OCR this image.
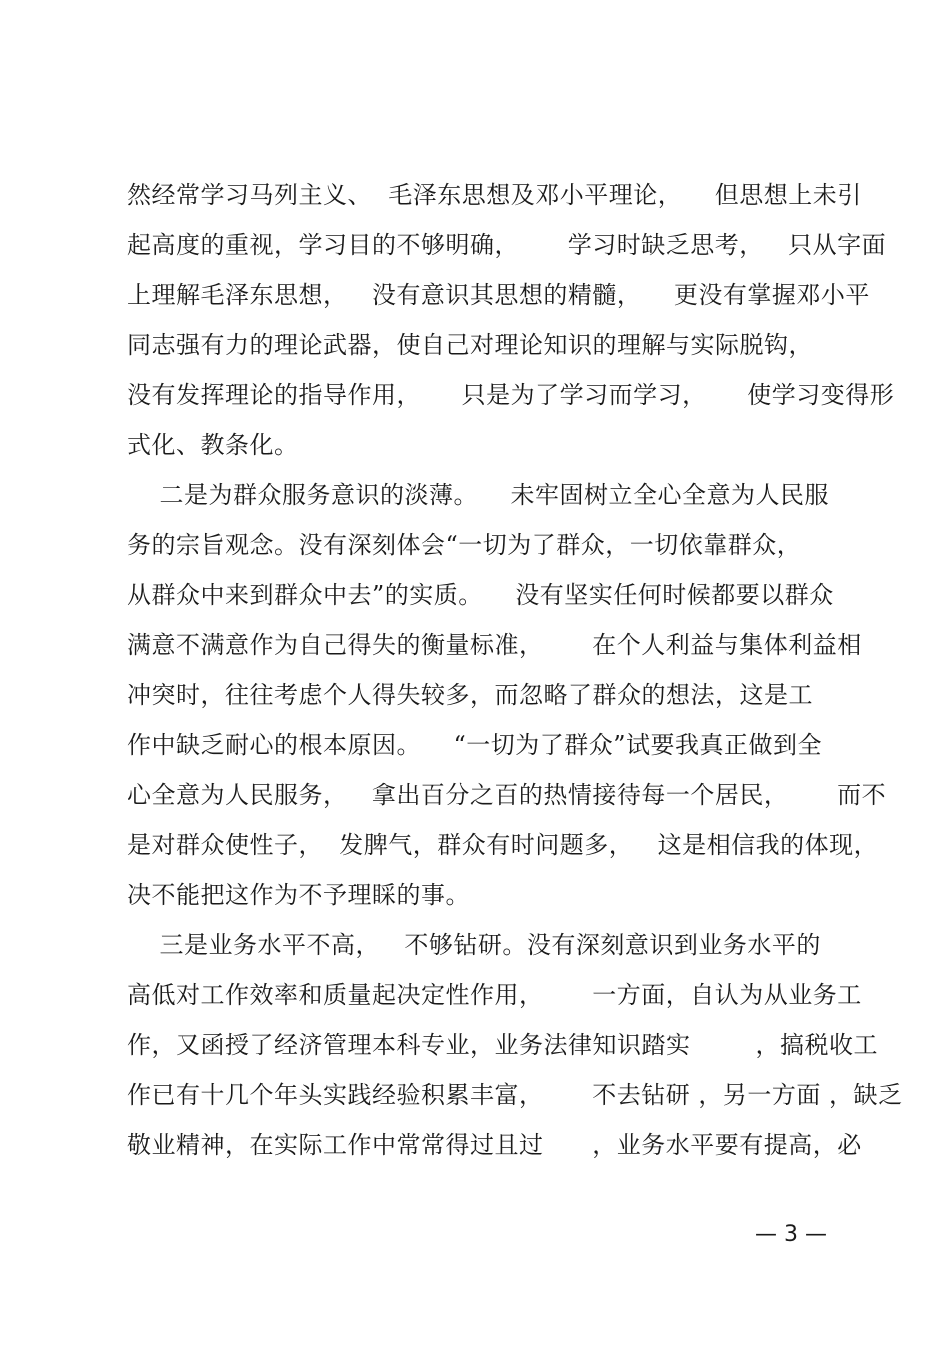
然经常学习马列主义、  毛泽东思想及邓小平理论，    但思想上未引
起高度的重视，学习目的不够明确，      学习时缺乏思考，   只从字面
上理解毛泽东思想，   没有意识其思想的精髓，    更没有掌握邓小平
同志强有力的理论武器，使自己对理论知识的理解与实际脱钩，
没有发挥理论的指导作用，     只是为了学习而学习，     使学习变得形
式化、教条化。
二是为群众服务意识的淡薄。    未牢固树立全心全意为人民服
务的宗旨观念。没有深刻体会“一切为了群众，一切依靠群众，
从群众中来到群众中去”的实质。    没有坚实任何时候都要以群众
满意不满意作为自己得失的衡量标准，      在个人利益与集体利益相
冲突时，往往考虑个人得失较多，而忽略了群众的想法，这是工
作中缺乏耐心的根本原因。    “一切为了群众”试要我真正做到全
心全意为人民服务，   拿出百分之百的热情接待每一个居民，      而不
是对群众使性子，  发脾气，群众有时问题多，   这是相信我的体现，
决不能把这作为不予理睬的事。
三是业务水平不高，   不够钻研。没有深刻意识到业务水平的
高低对工作效率和质量起决定性作用，      一方面，自认为从业务工
作，又函授了经济管理本科专业，业务法律知识踏实        ，搞税收工
作已有十几个年头实践经验积累丰富，      不去钻研 ，另一方面 ，缺乏
敬业精神，在实际工作中常常得过且过      ，业务水平要有提高，必
— 3 —
